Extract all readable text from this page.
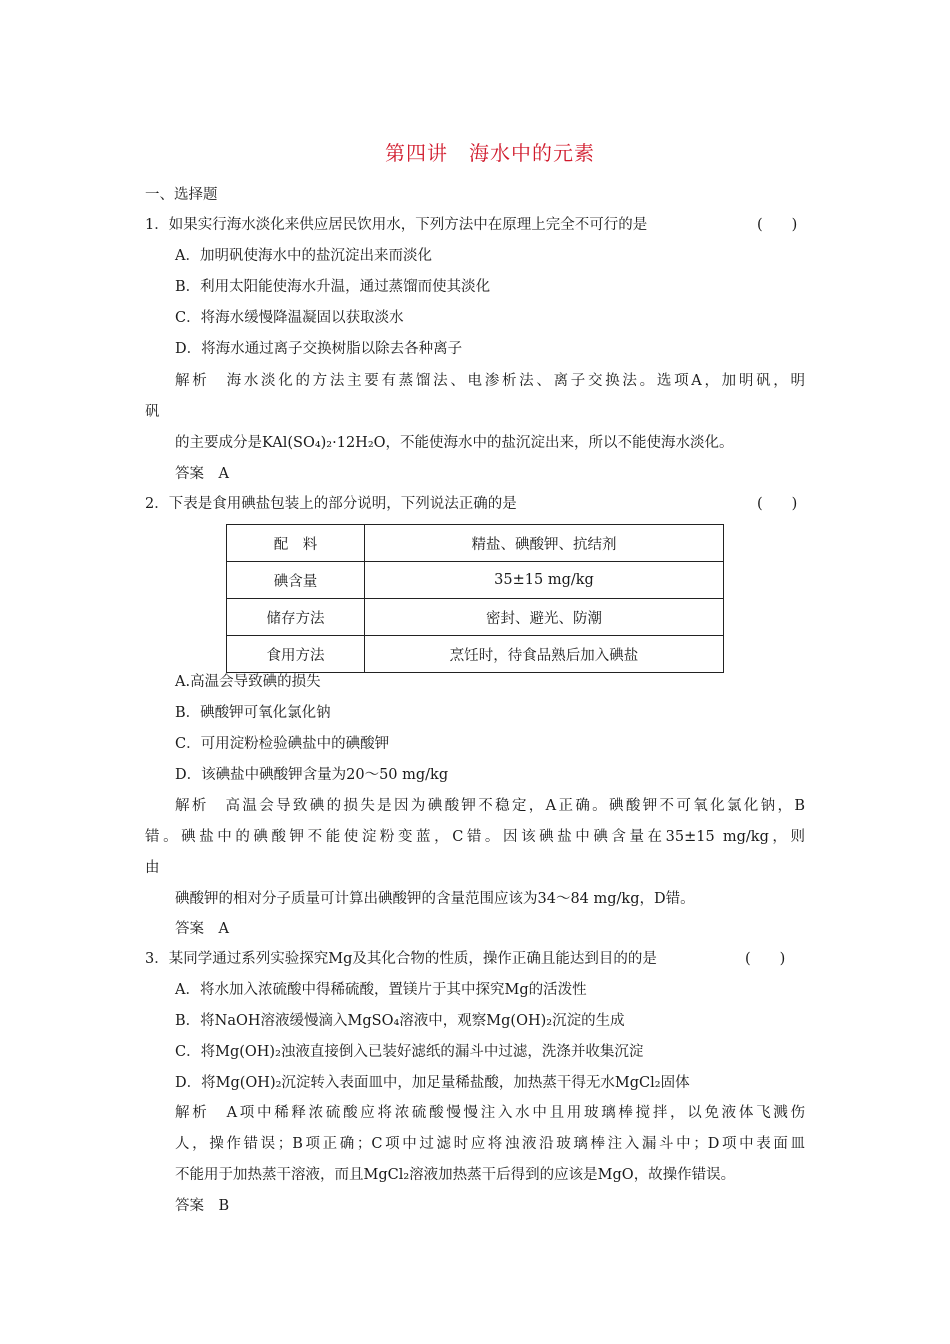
第四讲　海水中的元素
一、选择题
1．如果实行海水淡化来供应居民饮用水，下列方法中在原理上完全不可行的是	(　　)
A．加明矾使海水中的盐沉淀出来而淡化
B．利用太阳能使海水升温，通过蒸馏而使其淡化
C．将海水缓慢降温凝固以获取淡水
D．将海水通过离子交换树脂以除去各种离子
解析　海水淡化的方法主要有蒸馏法、电渗析法、离子交换法。选项A，加明矾，明
矾
的主要成分是KAl(SO₄)₂·12H₂O，不能使海水中的盐沉淀出来，所以不能使海水淡化。
答案　A
2．下表是食用碘盐包装上的部分说明，下列说法正确的是	(　　)
配　料	精盐、碘酸钾、抗结剂
碘含量	35±15 mg/kg
储存方法	密封、避光、防潮
食用方法	烹饪时，待食品熟后加入碘盐
A.高温会导致碘的损失
B．碘酸钾可氧化氯化钠
C．可用淀粉检验碘盐中的碘酸钾
D．该碘盐中碘酸钾含量为20～50 mg/kg
解析　高温会导致碘的损失是因为碘酸钾不稳定，A正确。碘酸钾不可氧化氯化钠，B
错。碘盐中的碘酸钾不能使淀粉变蓝，C错。因该碘盐中碘含量在35±15 mg/kg，则
由
碘酸钾的相对分子质量可计算出碘酸钾的含量范围应该为34～84 mg/kg，D错。
答案　A
3．某同学通过系列实验探究Mg及其化合物的性质，操作正确且能达到目的的是	(　　)
A．将水加入浓硫酸中得稀硫酸，置镁片于其中探究Mg的活泼性
B．将NaOH溶液缓慢滴入MgSO₄溶液中，观察Mg(OH)₂沉淀的生成
C．将Mg(OH)₂浊液直接倒入已装好滤纸的漏斗中过滤，洗涤并收集沉淀
D．将Mg(OH)₂沉淀转入表面皿中，加足量稀盐酸，加热蒸干得无水MgCl₂固体
解析　A项中稀释浓硫酸应将浓硫酸慢慢注入水中且用玻璃棒搅拌，以免液体飞溅伤
人，操作错误；B项正确；C项中过滤时应将浊液沿玻璃棒注入漏斗中；D项中表面皿
不能用于加热蒸干溶液，而且MgCl₂溶液加热蒸干后得到的应该是MgO，故操作错误。
答案　B
